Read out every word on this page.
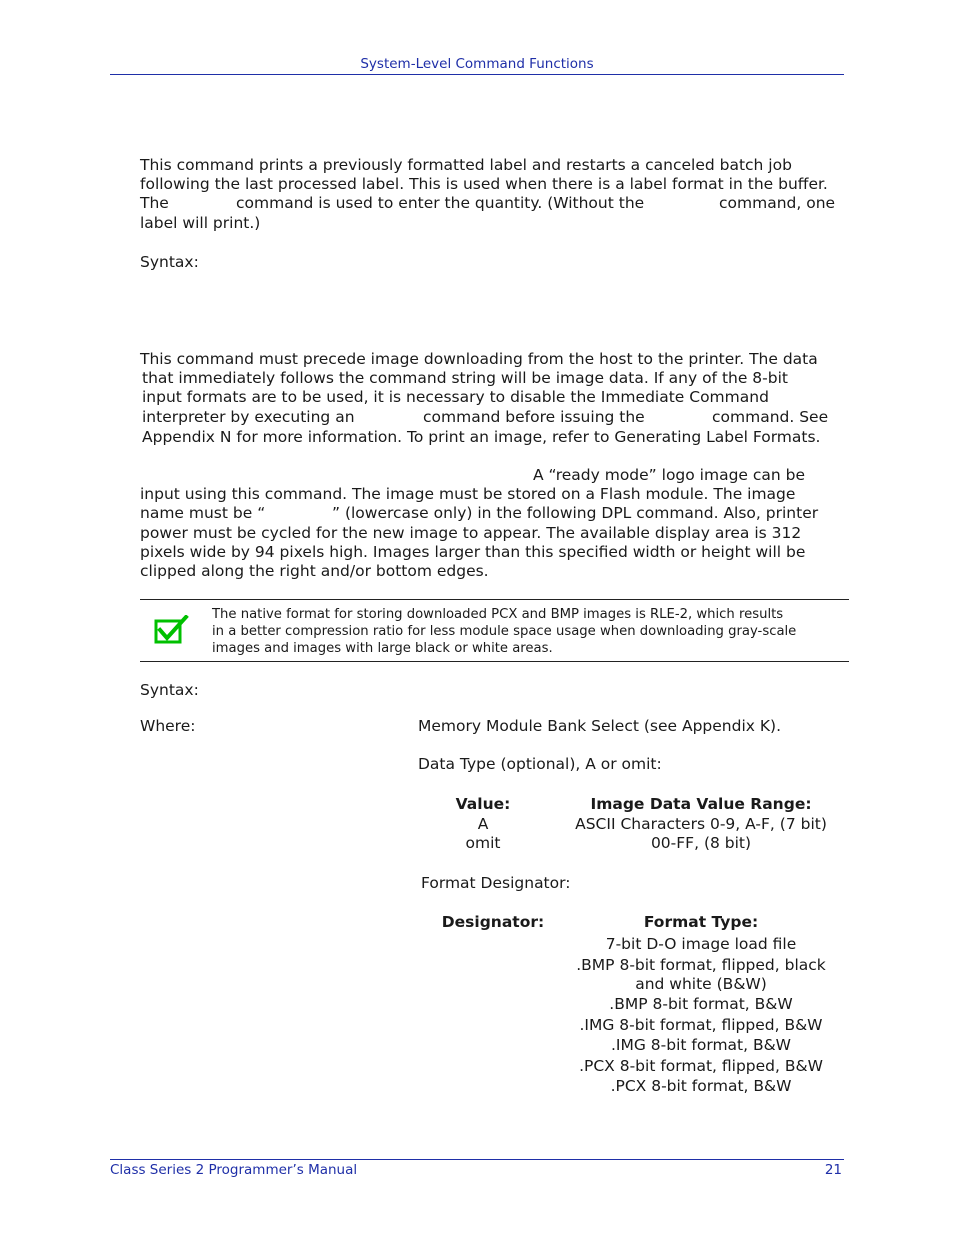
System-Level Command Functions
This command prints a previously formatted label and restarts a canceled batch job
following the last processed label. This is used when there is a label format in the buffer.
The	command is used to enter the quantity. (Without the	command, one
label will print.)
Syntax:
This command must precede image downloading from the host to the printer. The data
that immediately follows the command string will be image data. If any of the 8-bit
input formats are to be used, it is necessary to disable the Immediate Command
interpreter by executing an	command before issuing the	command. See
Appendix N for more information. To print an image, refer to Generating Label Formats.
A “ready mode” logo image can be
input using this command. The image must be stored on a Flash module. The image
name must be “	” (lowercase only) in the following DPL command. Also, printer
power must be cycled for the new image to appear. The available display area is 312
pixels wide by 94 pixels high. Images larger than this specified width or height will be
clipped along the right and/or bottom edges.
The native format for storing downloaded PCX and BMP images is RLE-2, which results
in a better compression ratio for less module space usage when downloading gray-scale
images and images with large black or white areas.
Syntax:
Where:	Memory Module Bank Select (see Appendix K).
Data Type (optional), A or omit:
Value:	Image Data Value Range:
A	ASCII Characters 0-9, A-F, (7 bit)
omit	00-FF, (8 bit)
Format Designator:
Designator:	Format Type:
7-bit D-O image load file
.BMP 8-bit format, flipped, black
and white (B&W)
.BMP 8-bit format, B&W
.IMG 8-bit format, flipped, B&W
.IMG 8-bit format, B&W
.PCX 8-bit format, flipped, B&W
.PCX 8-bit format, B&W
Class Series 2 Programmer’s Manual	21
